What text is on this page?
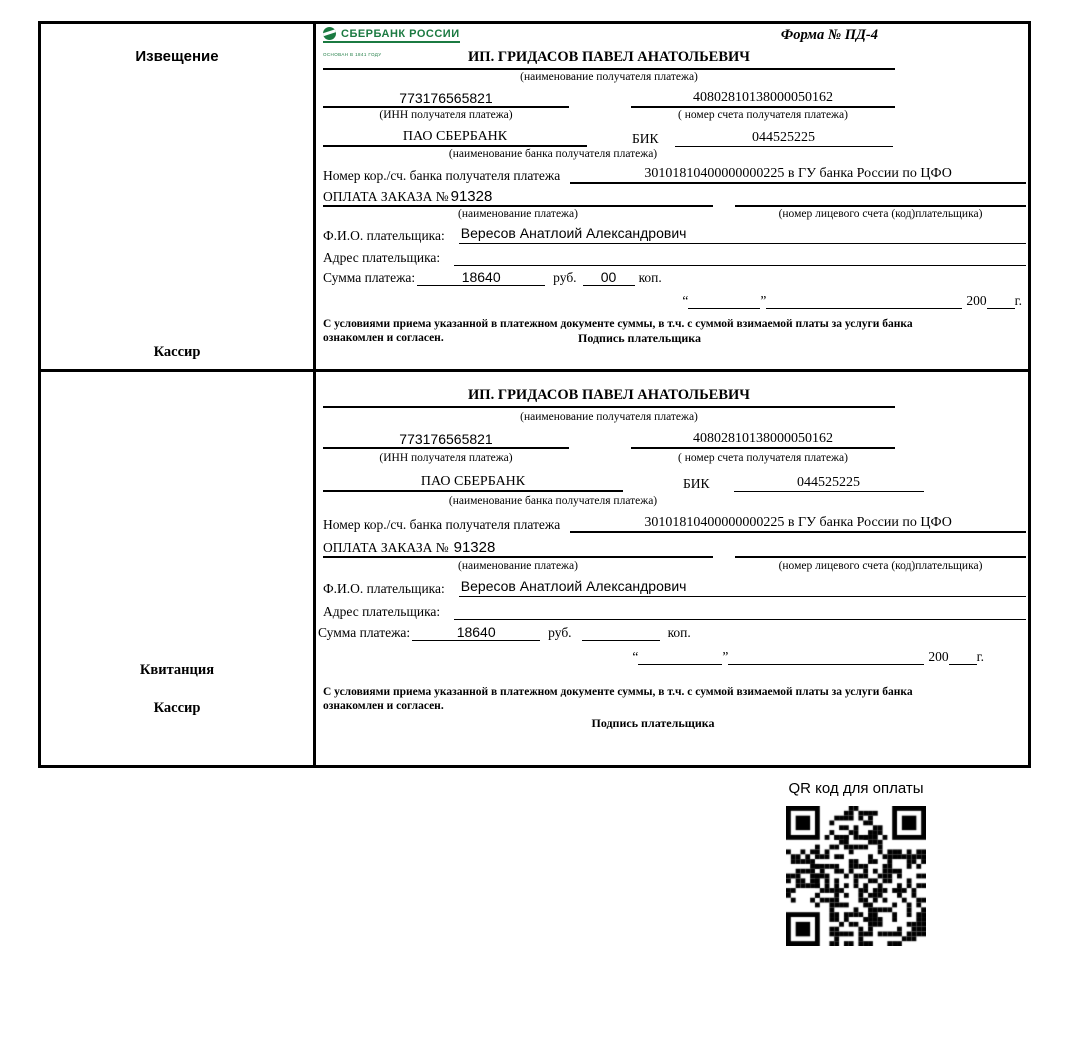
Извещение
Кассир
СБЕРБАНК РОССИИ
ОСНОВАН В 1841 ГОДУ
Форма № ПД-4
ИП. ГРИДАСОВ ПАВЕЛ АНАТОЛЬЕВИЧ
(наименование получателя платежа)
773176565821	40802810138000050162
(ИНН получателя платежа)	( номер счета получателя платежа)
ПАО СБЕРБАНК	БИК	044525225
(наименование банка получателя платежа)
Номер кор./сч. банка получателя платежа	30101810400000000225 в ГУ банка России по ЦФО
ОПЛАТА ЗАКАЗА № 91328
(наименование платежа)	(номер лицевого счета (код)плательщика)
Ф.И.О. плательщика: Вересов Анатлоий Александрович
Адрес плательщика:
Сумма платежа:	18640	руб.	00	коп.
“	”	200 г.
С условиями приема указанной в платежном документе суммы, в т.ч. с суммой взимаемой платы за услуги банка ознакомлен и согласен.	Подпись плательщика
Квитанция
Кассир
ИП. ГРИДАСОВ ПАВЕЛ АНАТОЛЬЕВИЧ
(наименование получателя платежа)
773176565821	40802810138000050162
(ИНН получателя платежа)	( номер счета получателя платежа)
ПАО СБЕРБАНК	БИК	044525225
(наименование банка получателя платежа)
Номер кор./сч. банка получателя платежа	30101810400000000225 в ГУ банка России по ЦФО
ОПЛАТА ЗАКАЗА № 91328
(наименование платежа)	(номер лицевого счета (код)плательщика)
Ф.И.О. плательщика: Вересов Анатлоий Александрович
Адрес плательщика:
Сумма платежа:	18640	руб.	коп.
“	”	200 г.
С условиями приема указанной в платежном документе суммы, в т.ч. с суммой взимаемой платы за услуги банка ознакомлен и согласен.
Подпись плательщика
QR код для оплаты
